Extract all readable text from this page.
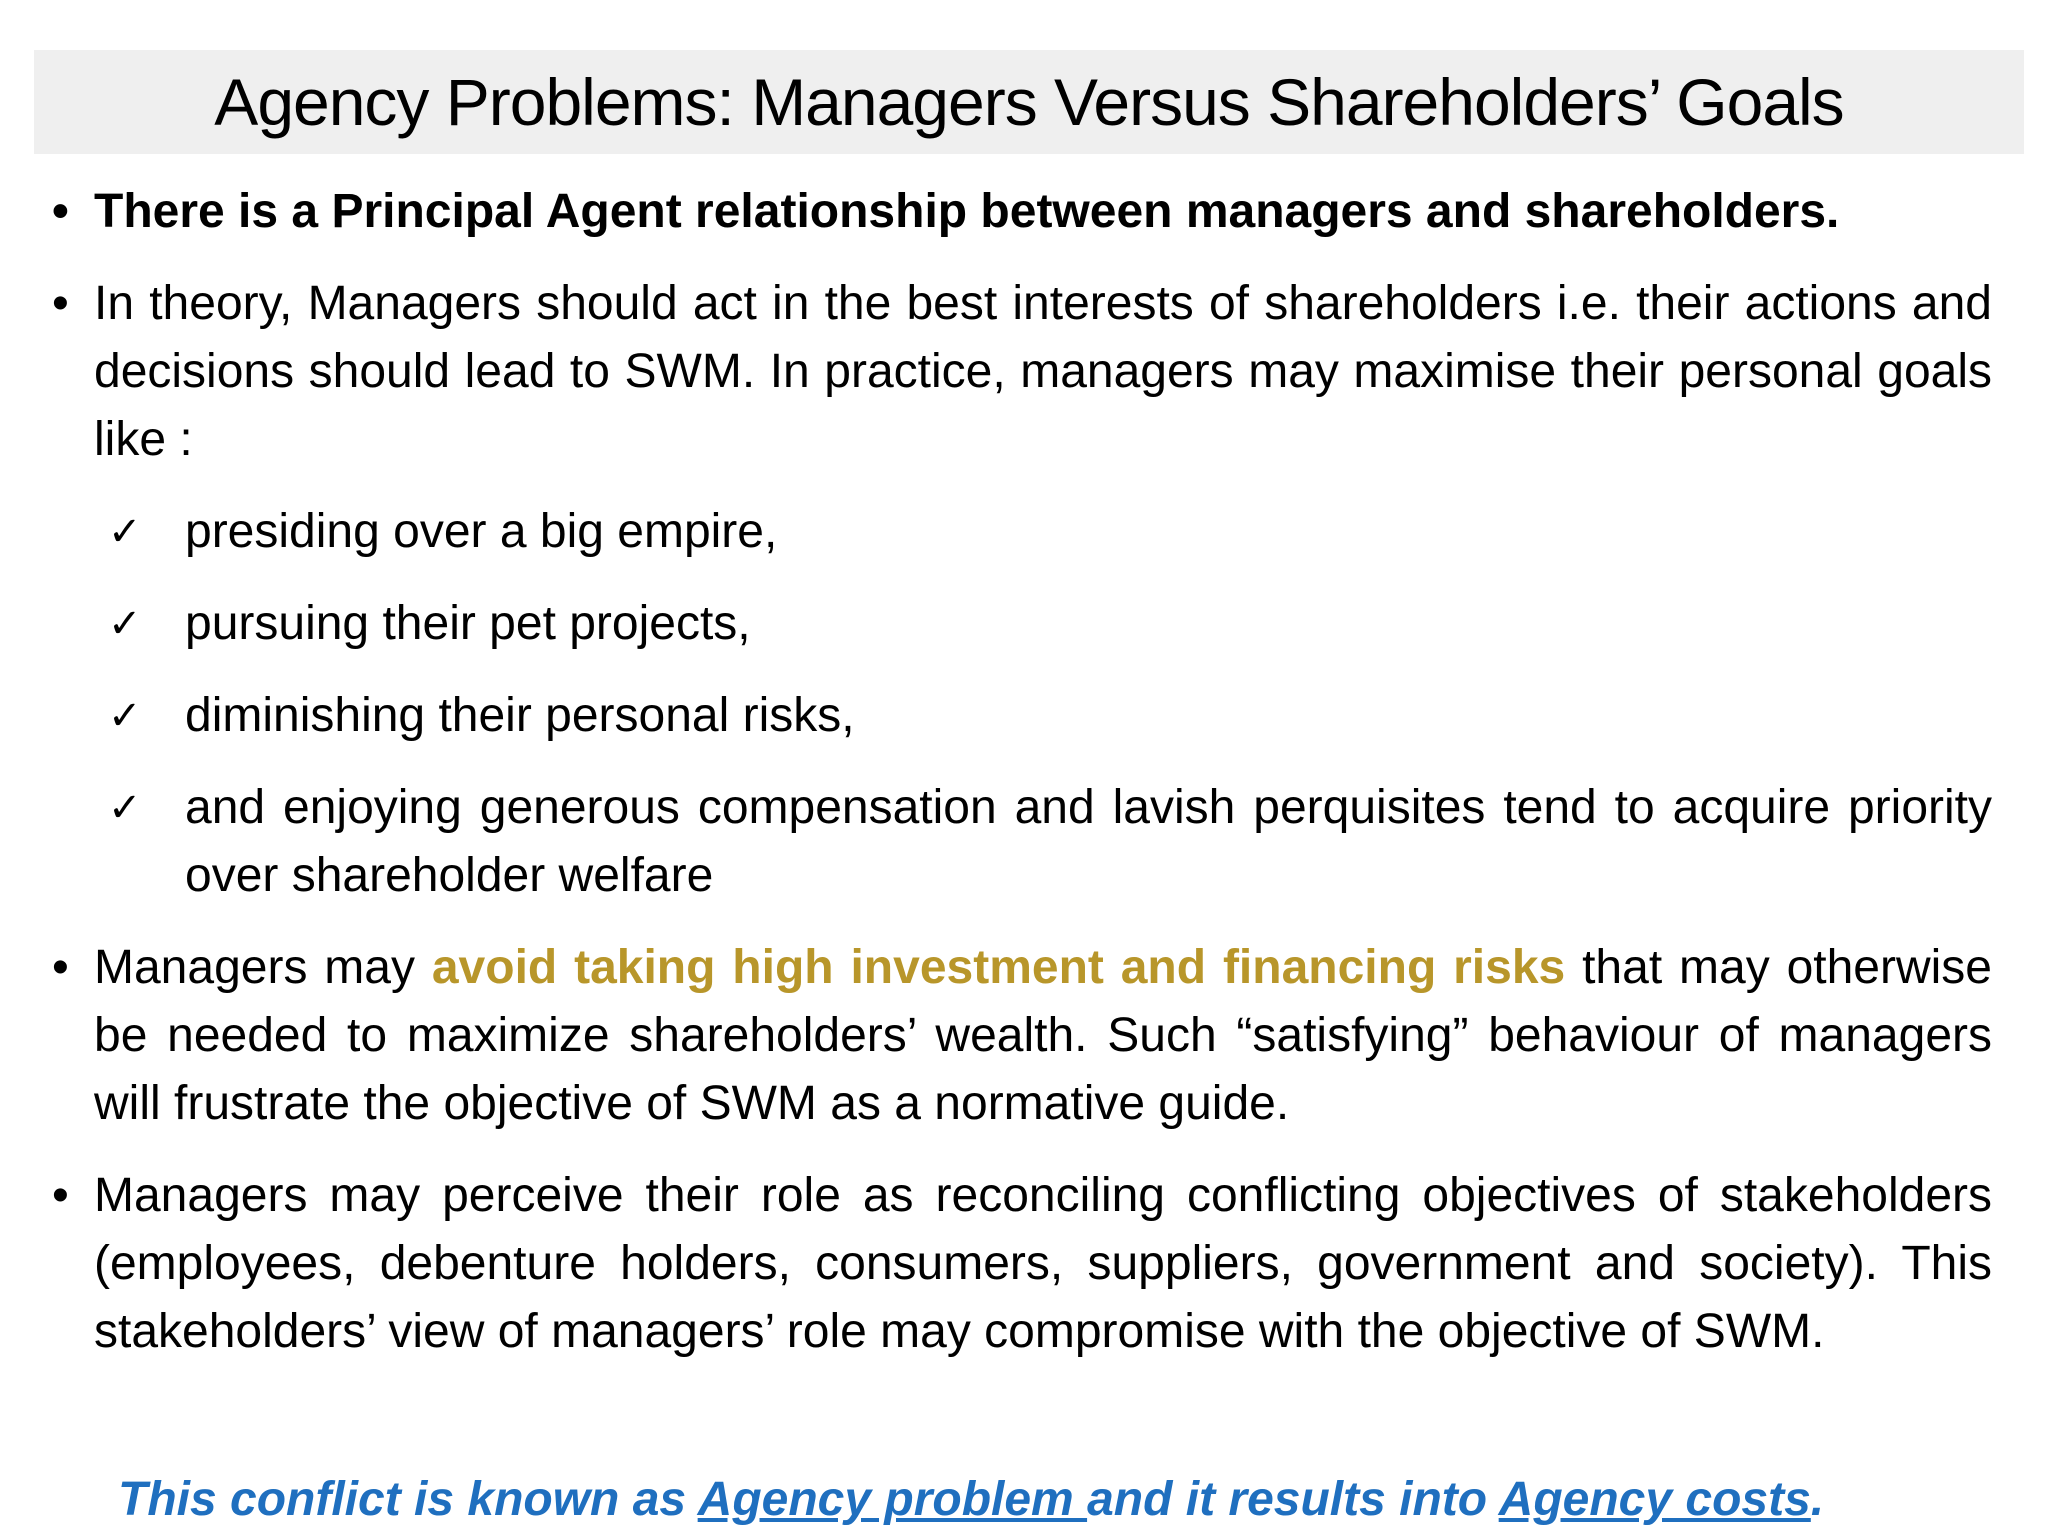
Agency Problems: Managers Versus Shareholders’ Goals
• There is a Principal Agent relationship between managers and shareholders.
• In theory, Managers should act in the best interests of shareholders i.e. their actions and decisions should lead to SWM. In practice, managers may maximise their personal goals like :
✓ presiding over a big empire,
✓ pursuing their pet projects,
✓ diminishing their personal risks,
✓ and enjoying generous compensation and lavish perquisites tend to acquire priority over shareholder welfare
• Managers may avoid taking high investment and financing risks that may otherwise be needed to maximize shareholders’ wealth. Such “satisfying” behaviour of managers will frustrate the objective of SWM as a normative guide.
• Managers may perceive their role as reconciling conflicting objectives of stakeholders (employees, debenture holders, consumers, suppliers, government and society). This stakeholders’ view of managers’ role may compromise with the objective of SWM.
This conflict is known as Agency problem and it results into Agency costs.
